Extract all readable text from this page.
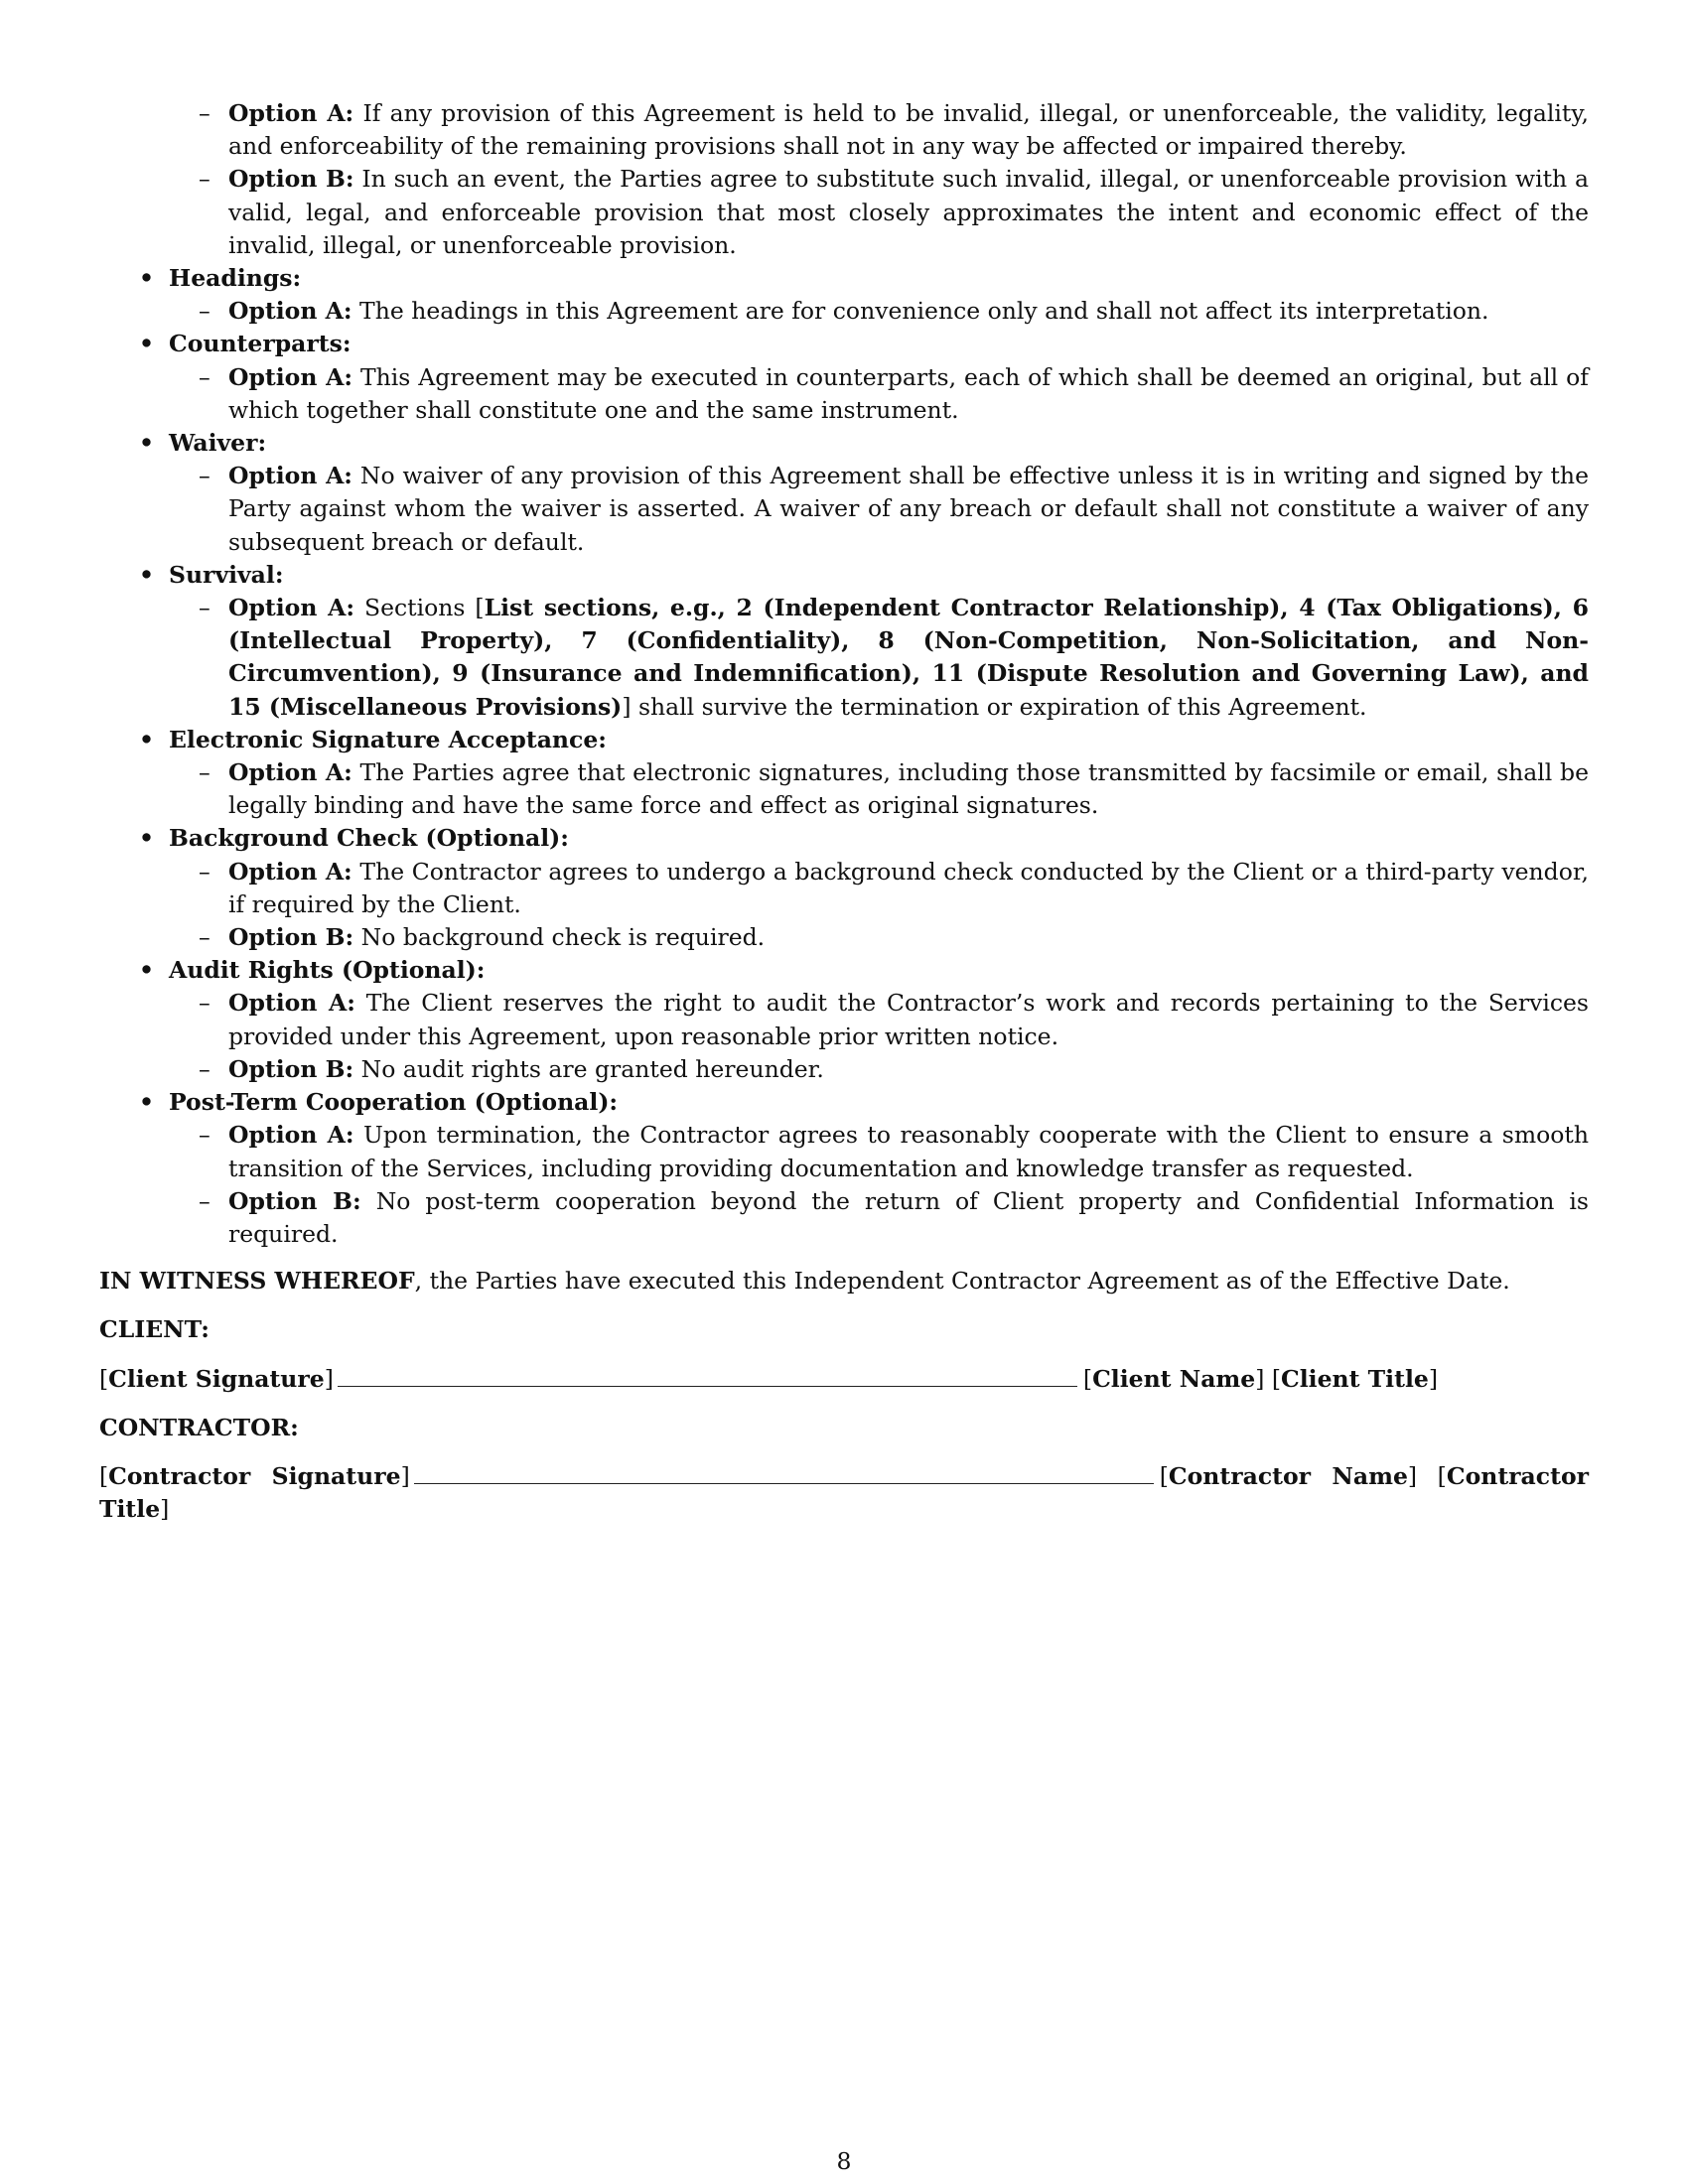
– Option A: If any provision of this Agreement is held to be invalid, illegal, or unenforceable, the validity, legality, and enforceability of the remaining provisions shall not in any way be affected or impaired thereby.
– Option B: In such an event, the Parties agree to substitute such invalid, illegal, or unenforceable provision with a valid, legal, and enforceable provision that most closely approximates the intent and economic effect of the invalid, illegal, or unenforceable provision.
• Headings:
– Option A: The headings in this Agreement are for convenience only and shall not affect its interpretation.
• Counterparts:
– Option A: This Agreement may be executed in counterparts, each of which shall be deemed an original, but all of which together shall constitute one and the same instrument.
• Waiver:
– Option A: No waiver of any provision of this Agreement shall be effective unless it is in writing and signed by the Party against whom the waiver is asserted. A waiver of any breach or default shall not constitute a waiver of any subsequent breach or default.
• Survival:
– Option A: Sections [List sections, e.g., 2 (Independent Contractor Relationship), 4 (Tax Obligations), 6 (Intellectual Property), 7 (Confidentiality), 8 (Non-Competition, Non-Solicitation, and Non-Circumvention), 9 (Insurance and Indemnification), 11 (Dispute Resolution and Governing Law), and 15 (Miscellaneous Provisions)] shall survive the termination or expiration of this Agreement.
• Electronic Signature Acceptance:
– Option A: The Parties agree that electronic signatures, including those transmitted by facsimile or email, shall be legally binding and have the same force and effect as original signatures.
• Background Check (Optional):
– Option A: The Contractor agrees to undergo a background check conducted by the Client or a third-party vendor, if required by the Client.
– Option B: No background check is required.
• Audit Rights (Optional):
– Option A: The Client reserves the right to audit the Contractor’s work and records pertaining to the Services provided under this Agreement, upon reasonable prior written notice.
– Option B: No audit rights are granted hereunder.
• Post-Term Cooperation (Optional):
– Option A: Upon termination, the Contractor agrees to reasonably cooperate with the Client to ensure a smooth transition of the Services, including providing documentation and knowledge transfer as requested.
– Option B: No post-term cooperation beyond the return of Client property and Confidential Information is required.
IN WITNESS WHEREOF, the Parties have executed this Independent Contractor Agreement as of the Effective Date.
CLIENT:
[Client Signature]	[Client Name] [Client Title]
CONTRACTOR:
[Contractor Signature]	[Contractor Name] [Contractor Title]
8
